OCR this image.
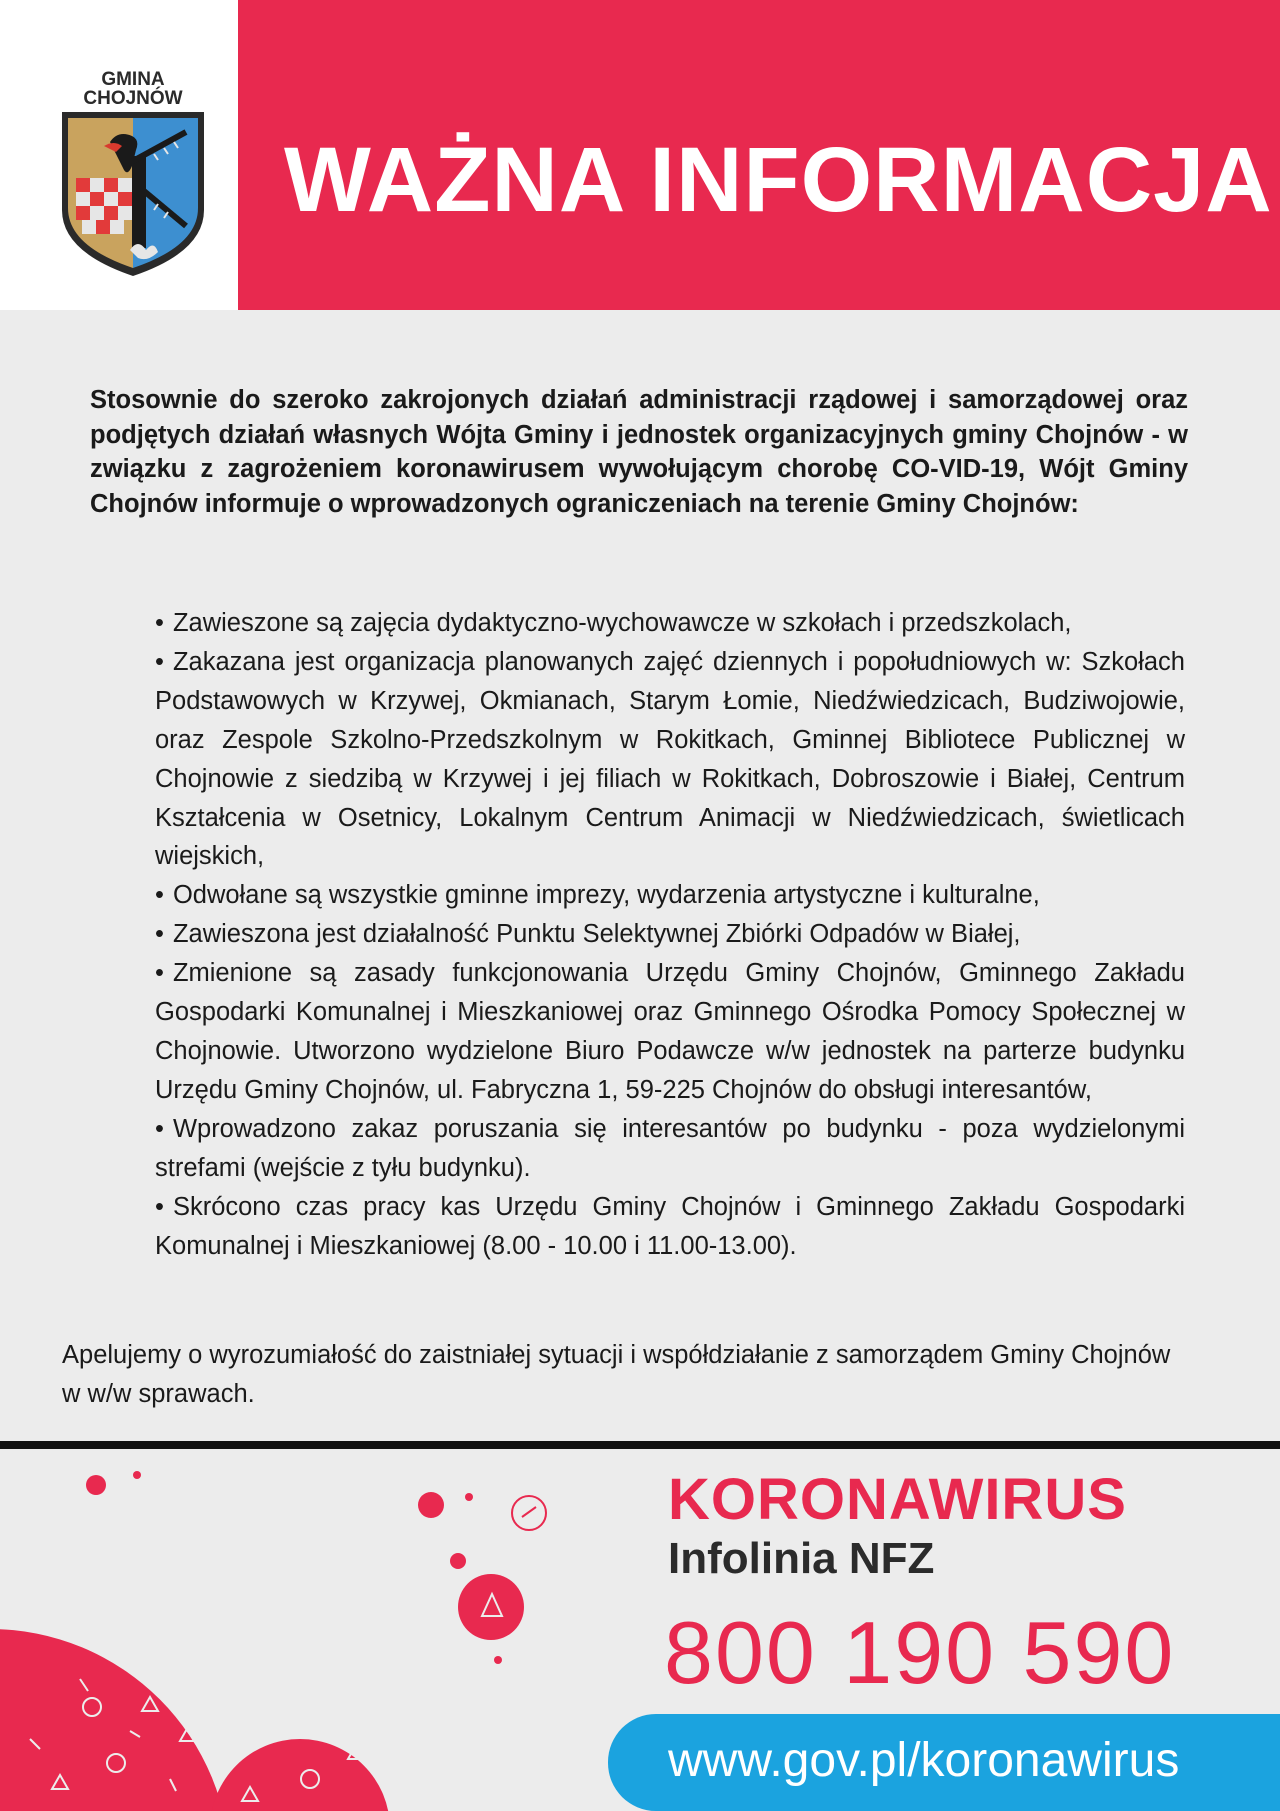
GMINA
CHOJNÓW
WAŻNA INFORMACJA

Stosownie do szeroko zakrojonych działań administracji rządowej i samorządowej oraz podjętych działań własnych Wójta Gminy i jednostek organizacyjnych gminy Chojnów - w związku z zagrożeniem koronawirusem wywołującym chorobę CO-VID-19, Wójt Gminy Chojnów informuje o wprowadzonych ograniczeniach na terenie Gminy Chojnów:

• Zawieszone są zajęcia dydaktyczno-wychowawcze w szkołach i przedszkolach,
• Zakazana jest organizacja planowanych zajęć dziennych i popołudniowych w: Szkołach Podstawowych w Krzywej, Okmianach, Starym Łomie, Niedźwiedzicach, Budziwojowie, oraz Zespole Szkolno-Przedszkolnym w Rokitkach, Gminnej Bibliotece Publicznej w Chojnowie z siedzibą w Krzywej i jej filiach w Rokitkach, Dobroszowie i Białej, Centrum Kształcenia w Osetnicy, Lokalnym Centrum Animacji w Niedźwiedzicach, świetlicach wiejskich,
• Odwołane są wszystkie gminne imprezy, wydarzenia artystyczne i kulturalne,
• Zawieszona jest działalność Punktu Selektywnej Zbiórki Odpadów w Białej,
• Zmienione są zasady funkcjonowania Urzędu Gminy Chojnów, Gminnego Zakładu Gospodarki Komunalnej i Mieszkaniowej oraz Gminnego Ośrodka Pomocy Społecznej w Chojnowie. Utworzono wydzielone Biuro Podawcze w/w jednostek na parterze budynku Urzędu Gminy Chojnów, ul. Fabryczna 1, 59-225 Chojnów do obsługi interesantów,
• Wprowadzono zakaz poruszania się interesantów po budynku - poza wydzielonymi strefami (wejście z tyłu budynku).
• Skrócono czas pracy kas Urzędu Gminy Chojnów i Gminnego Zakładu Gospodarki Komunalnej i Mieszkaniowej (8.00 - 10.00 i 11.00-13.00).

Apelujemy o wyrozumiałość do zaistniałej sytuacji i współdziałanie z samorządem Gminy Chojnów w w/w sprawach.

KORONAWIRUS
Infolinia NFZ
800 190 590
www.gov.pl/koronawirus
